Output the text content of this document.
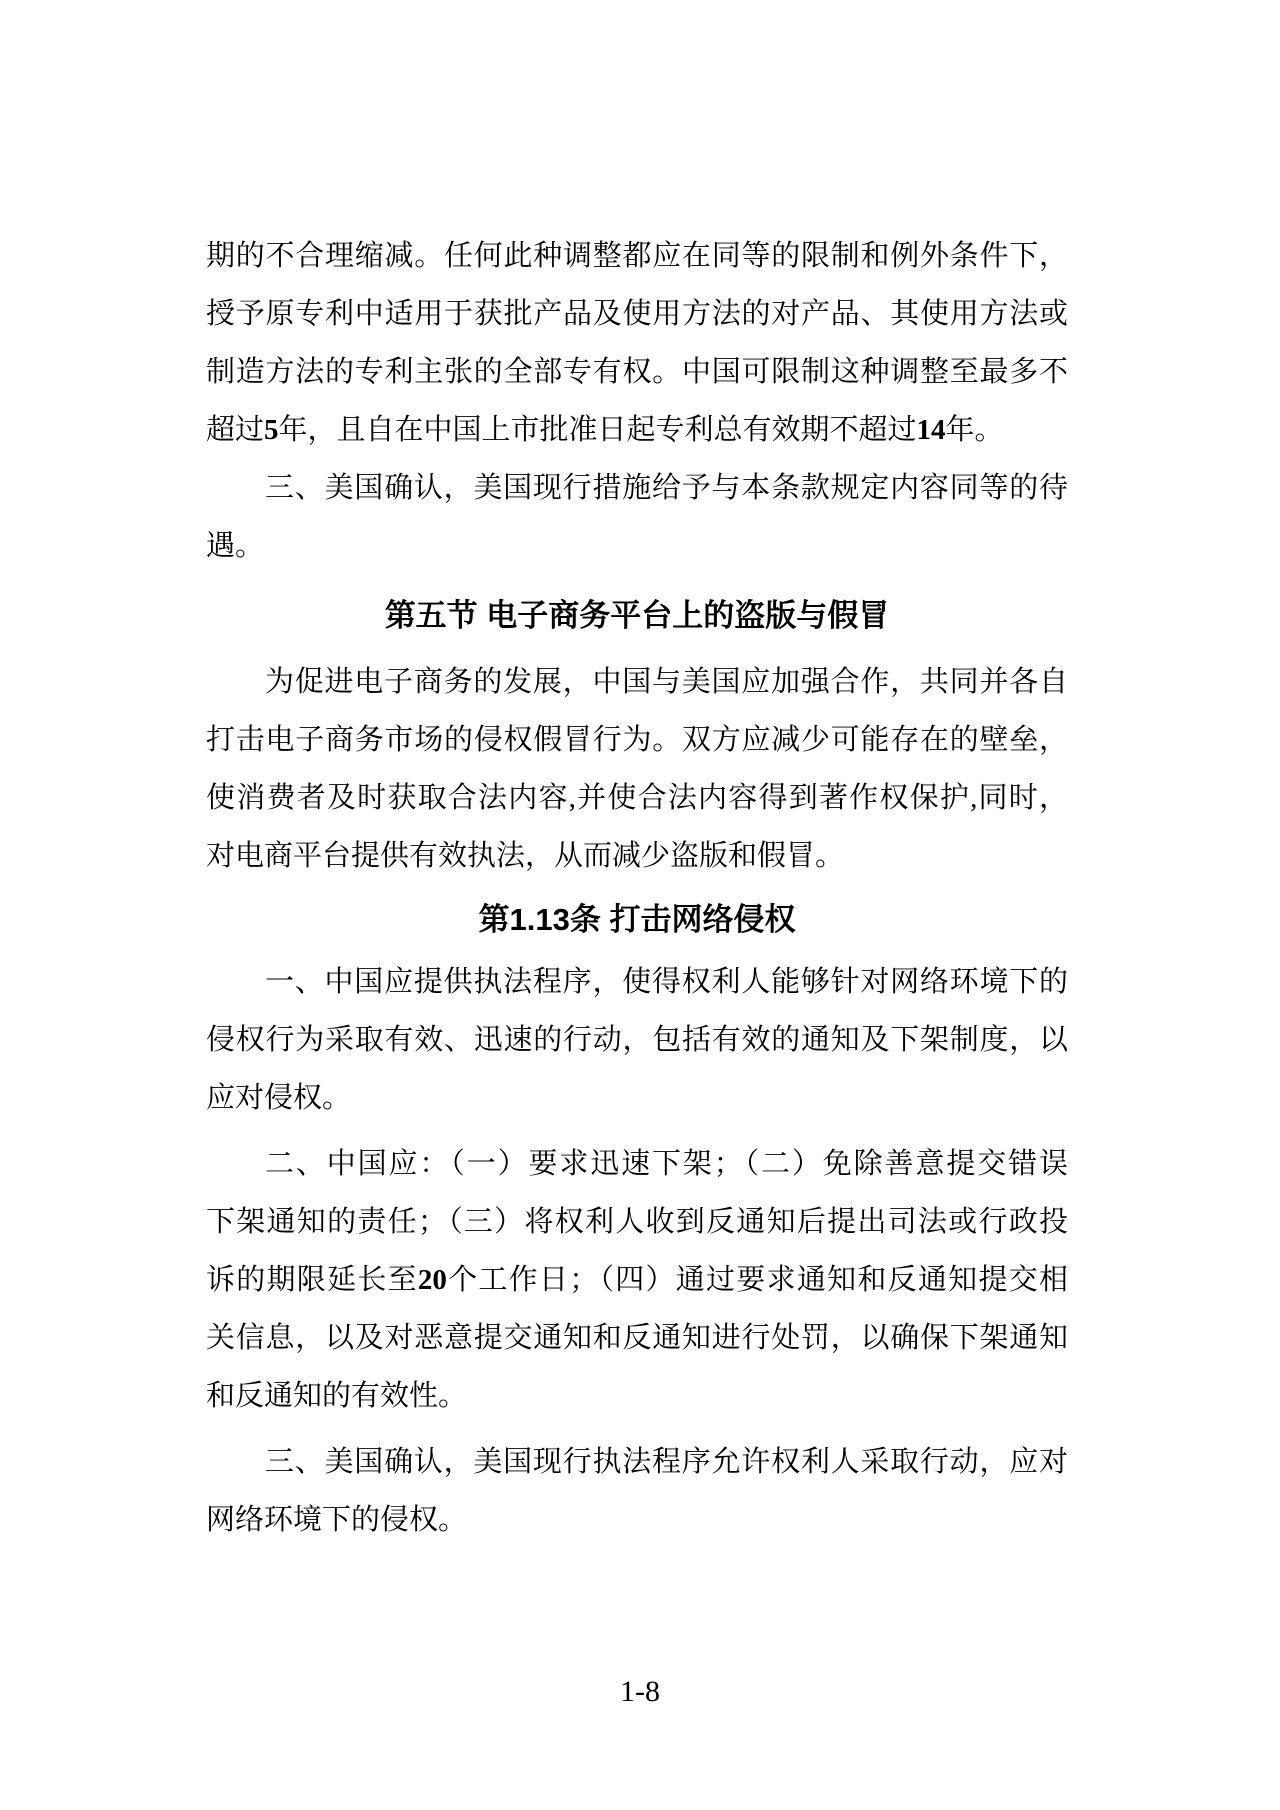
期的不合理缩减。任何此种调整都应在同等的限制和例外条件下，
授予原专利中适用于获批产品及使用方法的对产品、其使用方法或
制造方法的专利主张的全部专有权。中国可限制这种调整至最多不
超过5年，且自在中国上市批准日起专利总有效期不超过14年。
三、美国确认，美国现行措施给予与本条款规定内容同等的待
遇。
第五节 电子商务平台上的盗版与假冒
为促进电子商务的发展，中国与美国应加强合作，共同并各自
打击电子商务市场的侵权假冒行为。双方应减少可能存在的壁垒，
使消费者及时获取合法内容,并使合法内容得到著作权保护,同时，
对电商平台提供有效执法，从而减少盗版和假冒。
第1.13条 打击网络侵权
一、中国应提供执法程序，使得权利人能够针对网络环境下的
侵权行为采取有效、迅速的行动，包括有效的通知及下架制度，以
应对侵权。
二、中国应：（一）要求迅速下架；（二）免除善意提交错误
下架通知的责任；（三）将权利人收到反通知后提出司法或行政投
诉的期限延长至20个工作日；（四）通过要求通知和反通知提交相
关信息，以及对恶意提交通知和反通知进行处罚，以确保下架通知
和反通知的有效性。
三、美国确认，美国现行执法程序允许权利人采取行动，应对
网络环境下的侵权。
1-8
